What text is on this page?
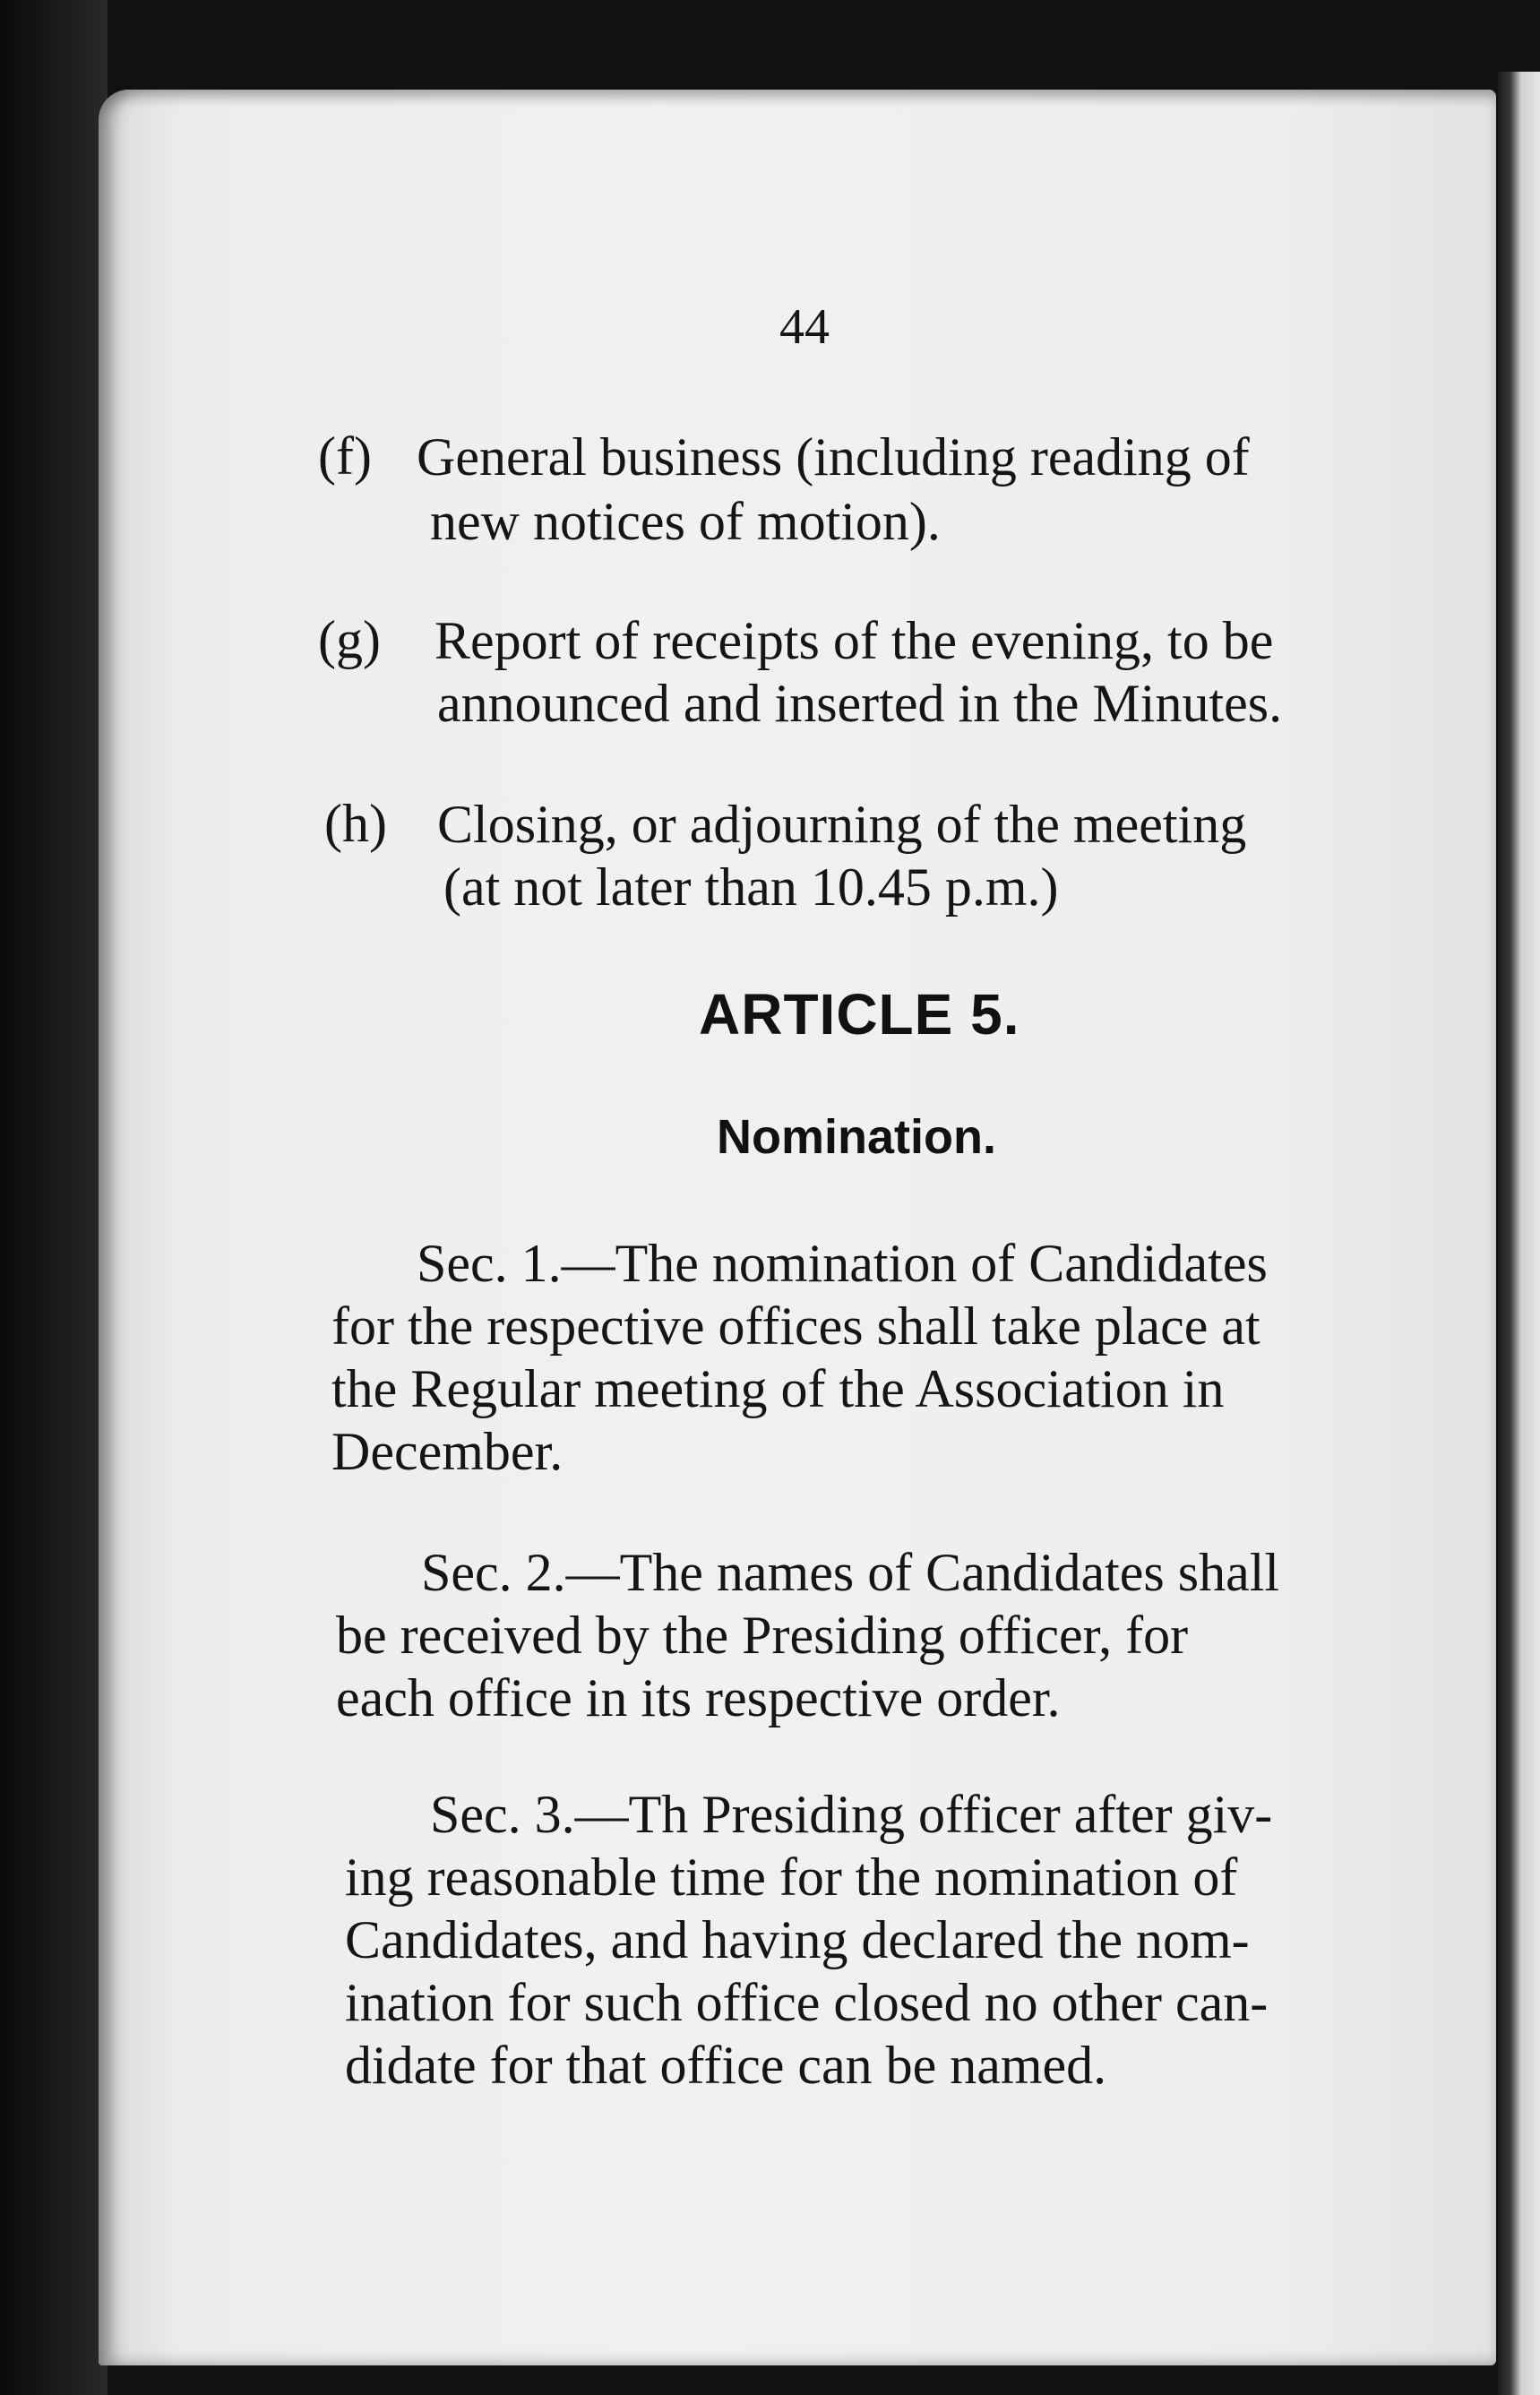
44
(f) General business (including reading of
new notices of motion).
(g) Report of receipts of the evening, to be
announced and inserted in the Minutes.
(h) Closing, or adjourning of the meeting
(at not later than 10.45 p.m.)
ARTICLE 5.
Nomination.
Sec. 1.—The nomination of Candidates
for the respective offices shall take place at
the Regular meeting of the Association in
December.
Sec. 2.—The names of Candidates shall
be received by the Presiding officer, for
each office in its respective order.
Sec. 3.—Th Presiding officer after giv-
ing reasonable time for the nomination of
Candidates, and having declared the nom-
ination for such office closed no other can-
didate for that office can be named.
